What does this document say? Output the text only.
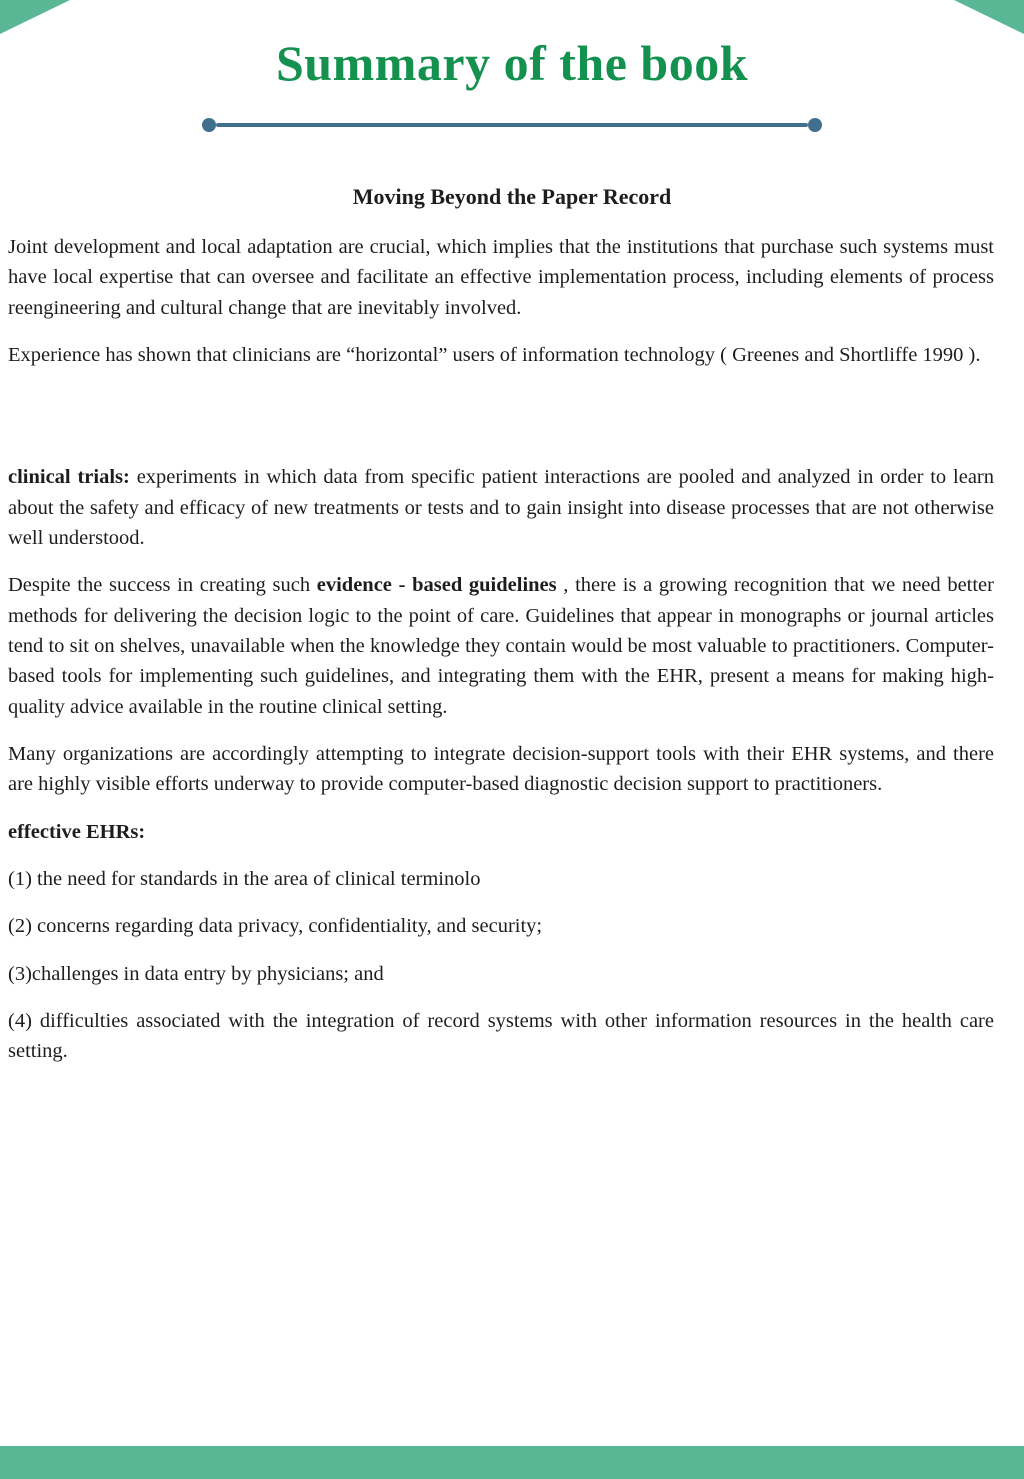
Summary of the book
Moving Beyond the Paper Record

Joint development and local adaptation are crucial, which implies that the institutions that purchase such systems must have local expertise that can oversee and facilitate an effective implementation process, including elements of process reengineering and cultural change that are inevitably involved.

Experience has shown that clinicians are “horizontal” users of information technology ( Greenes and Shortliffe 1990 ).

clinical trials: experiments in which data from specific patient interactions are pooled and analyzed in order to learn about the safety and efficacy of new treatments or tests and to gain insight into disease processes that are not otherwise well understood.

Despite the success in creating such evidence - based guidelines , there is a growing recognition that we need better methods for delivering the decision logic to the point of care. Guidelines that appear in monographs or journal articles tend to sit on shelves, unavailable when the knowledge they contain would be most valuable to practitioners. Computer-based tools for implementing such guidelines, and integrating them with the EHR, present a means for making high-quality advice available in the routine clinical setting.

Many organizations are accordingly attempting to integrate decision-support tools with their EHR systems, and there are highly visible efforts underway to provide computer-based diagnostic decision support to practitioners.

effective EHRs:

(1) the need for standards in the area of clinical terminolo

(2) concerns regarding data privacy, confidentiality, and security;

(3)challenges in data entry by physicians; and

(4) difficulties associated with the integration of record systems with other information resources in the health care setting.
